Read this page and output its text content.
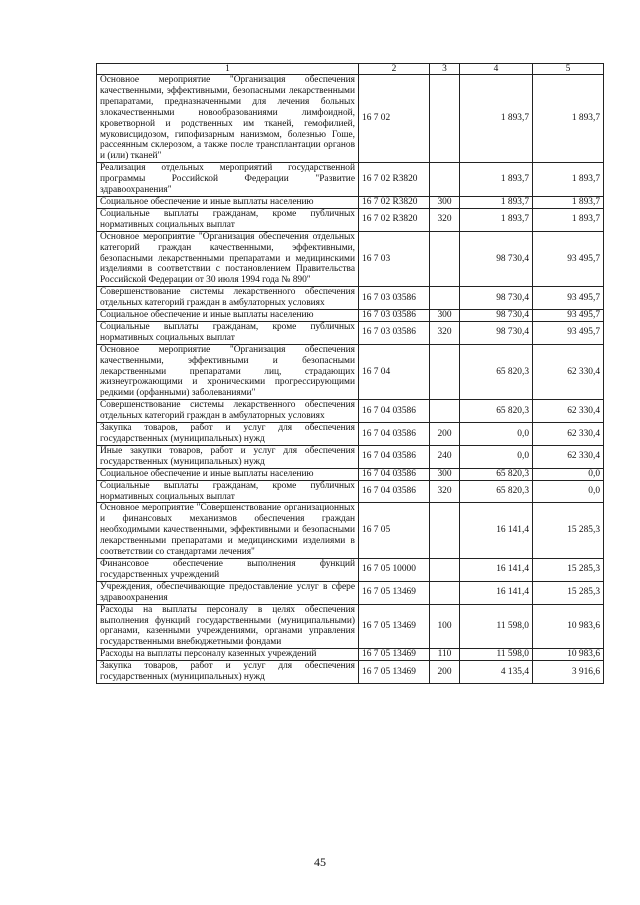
1	2	3	4	5
Основное мероприятие "Организация обеспечения качественными, эффективными, безопасными лекарственными препаратами, предназначенными для лечения больных злокачественными новообразованиями лимфоидной, кроветворной и родственных им тканей, гемофилией, муковисцидозом, гипофизарным нанизмом, болезнью Гоше, рассеянным склерозом, а также после трансплантации органов и (или) тканей"	16 7 02		1 893,7	1 893,7
Реализация отдельных мероприятий государственной программы Российской Федерации "Развитие здравоохранения"	16 7 02 R3820		1 893,7	1 893,7
Социальное обеспечение и иные выплаты населению	16 7 02 R3820	300	1 893,7	1 893,7
Социальные выплаты гражданам, кроме публичных нормативных социальных выплат	16 7 02 R3820	320	1 893,7	1 893,7
Основное мероприятие "Организация обеспечения отдельных категорий граждан качественными, эффективными, безопасными лекарственными препаратами и медицинскими изделиями в соответствии с постановлением Правительства Российской Федерации от 30 июля 1994 года № 890"	16 7 03		98 730,4	93 495,7
Совершенствование системы лекарственного обеспечения отдельных категорий граждан в амбулаторных условиях	16 7 03 03586		98 730,4	93 495,7
Социальное обеспечение и иные выплаты населению	16 7 03 03586	300	98 730,4	93 495,7
Социальные выплаты гражданам, кроме публичных нормативных социальных выплат	16 7 03 03586	320	98 730,4	93 495,7
Основное мероприятие "Организация обеспечения качественными, эффективными и безопасными лекарственными препаратами лиц, страдающих жизнеугрожающими и хроническими прогрессирующими редкими (орфанными) заболеваниями"	16 7 04		65 820,3	62 330,4
Совершенствование системы лекарственного обеспечения отдельных категорий граждан в амбулаторных условиях	16 7 04 03586		65 820,3	62 330,4
Закупка товаров, работ и услуг для обеспечения государственных (муниципальных) нужд	16 7 04 03586	200	0,0	62 330,4
Иные закупки товаров, работ и услуг для обеспечения государственных (муниципальных) нужд	16 7 04 03586	240	0,0	62 330,4
Социальное обеспечение и иные выплаты населению	16 7 04 03586	300	65 820,3	0,0
Социальные выплаты гражданам, кроме публичных нормативных социальных выплат	16 7 04 03586	320	65 820,3	0,0
Основное мероприятие "Совершенствование организационных и финансовых механизмов обеспечения граждан необходимыми качественными, эффективными и безопасными лекарственными препаратами и медицинскими изделиями в соответствии со стандартами лечения"	16 7 05		16 141,4	15 285,3
Финансовое обеспечение выполнения функций государственных учреждений	16 7 05 10000		16 141,4	15 285,3
Учреждения, обеспечивающие предоставление услуг в сфере здравоохранения	16 7 05 13469		16 141,4	15 285,3
Расходы на выплаты персоналу в целях обеспечения выполнения функций государственными (муниципальными) органами, казенными учреждениями, органами управления государственными внебюджетными фондами	16 7 05 13469	100	11 598,0	10 983,6
Расходы на выплаты персоналу казенных учреждений	16 7 05 13469	110	11 598,0	10 983,6
Закупка товаров, работ и услуг для обеспечения государственных (муниципальных) нужд	16 7 05 13469	200	4 135,4	3 916,6
45
